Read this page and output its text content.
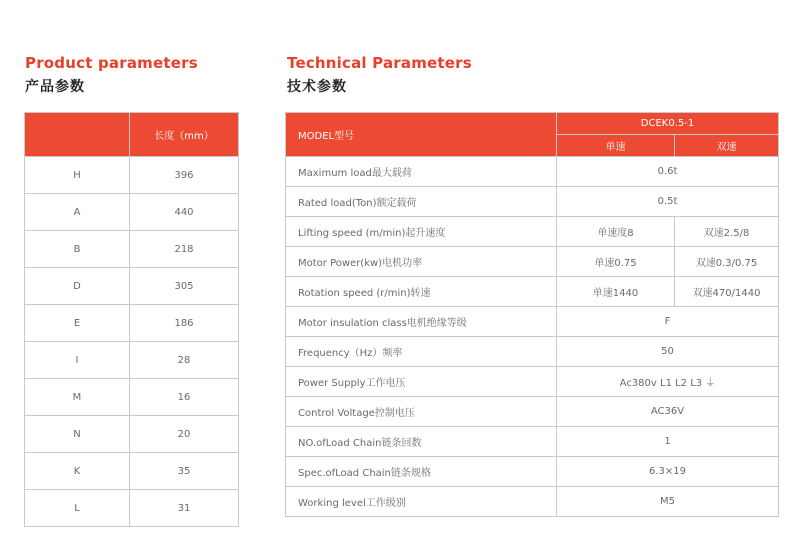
Product parameters
产品参数
	长度（mm）
H	396
A	440
B	218
D	305
E	186
I	28
M	16
N	20
K	35
L	31
Technical Parameters
技术参数
MODEL型号	DCEK0.5-1	
	单速	双速
Maximum load最大载荷	0.6t	
Rated load(Ton)额定载荷	0.5t	
Lifting speed (m/min)起升速度	单速度8	双速2.5/8
Motor Power(kw)电机功率	单速0.75	双速0.3/0.75
Rotation speed (r/min)转速	单速1440	双速470/1440
Motor insulation class电机绝缘等级	F	
Frequency（Hz）频率	50	
Power Supply工作电压	Ac380v L1 L2 L3 ⏚	
Control Voltage控制电压	AC36V	
NO.ofLoad Chain链条回数	1	
Spec.ofLoad Chain链条规格	6.3×19	
Working level工作级别	M5	
